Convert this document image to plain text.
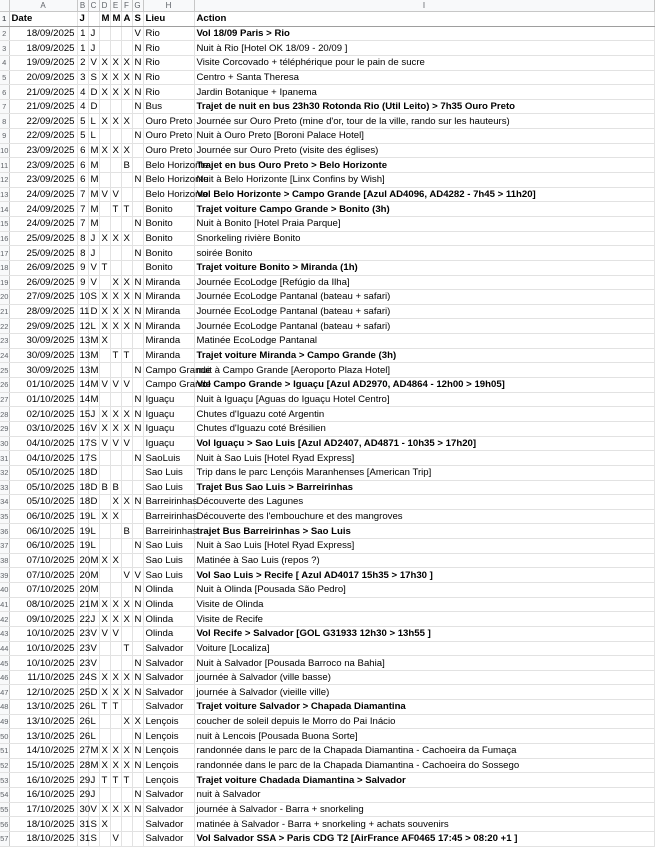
	A	B	C	D	E	F	G	H	I
1	Date	J		M	M	A	S	Lieu	Action
2	18/09/2025	1	J				V	Rio	Vol 18/09 Paris > Rio
3	18/09/2025	1	J				N	Rio	Nuit à Rio [Hotel OK 18/09 - 20/09 ]
4	19/09/2025	2	V	X	X	X	N	Rio	Visite Corcovado + téléphérique pour le pain de sucre
5	20/09/2025	3	S	X	X	X	N	Rio	Centro + Santa Theresa
6	21/09/2025	4	D	X	X	X	N	Rio	Jardin Botanique + Ipanema
7	21/09/2025	4	D				N	Bus	Trajet de nuit en bus 23h30 Rotonda Rio (Util Leito) > 7h35 Ouro Preto
8	22/09/2025	5	L	X	X	X		Ouro Preto	Journée sur Ouro Preto (mine d'or, tour de la ville, rando sur les hauteurs)
9	22/09/2025	5	L				N	Ouro Preto	Nuit à Ouro Preto [Boroni Palace Hotel]
10	23/09/2025	6	M	X	X	X		Ouro Preto	Journée sur Ouro Preto (visite des églises)
11	23/09/2025	6	M			B		Belo Horizonte	Trajet en bus Ouro Preto > Belo Horizonte
12	23/09/2025	6	M				N	Belo Horizonte	Nuit à Belo Horizonte [Linx Confins by Wish]
13	24/09/2025	7	M	V	V			Belo Horizonte	Vol Belo Horizonte > Campo Grande [Azul AD4096, AD4282 - 7h45 > 11h20]
14	24/09/2025	7	M		T	T		Bonito	Trajet voiture Campo Grande > Bonito (3h)
15	24/09/2025	7	M				N	Bonito	Nuit à Bonito [Hotel Praia Parque]
16	25/09/2025	8	J	X	X	X		Bonito	Snorkeling rivière Bonito
17	25/09/2025	8	J				N	Bonito	soirée Bonito
18	26/09/2025	9	V	T				Bonito	Trajet voiture Bonito > Miranda (1h)
19	26/09/2025	9	V		X	X	N	Miranda	Journée EcoLodge [Refúgio da Ilha]
20	27/09/2025	10	S	X	X	X	N	Miranda	Journée EcoLodge Pantanal (bateau + safari)
21	28/09/2025	11	D	X	X	X	N	Miranda	Journée EcoLodge Pantanal (bateau + safari)
22	29/09/2025	12	L	X	X	X	N	Miranda	Journée EcoLodge Pantanal (bateau + safari)
23	30/09/2025	13	M	X				Miranda	Matinée EcoLodge Pantanal
24	30/09/2025	13	M		T	T		Miranda	Trajet voiture Miranda > Campo Grande (3h)
25	30/09/2025	13	M				N	Campo Grande	nuit à Campo Grande [Aeroporto Plaza Hotel]
26	01/10/2025	14	M	V	V	V		Campo Grande	Vol Campo Grande > Iguaçu [Azul AD2970, AD4864 - 12h00 > 19h05]
27	01/10/2025	14	M				N	Iguaçu	Nuit à Iguaçu [Aguas do Iguaçu Hotel Centro]
28	02/10/2025	15	J	X	X	X	N	Iguaçu	Chutes d'Iguazu coté Argentin
29	03/10/2025	16	V	X	X	X	N	Iguaçu	Chutes d'Iguazu coté Brésilien
30	04/10/2025	17	S	V	V	V		Iguaçu	Vol Iguaçu > Sao Luis [Azul AD2407, AD4871 - 10h35 > 17h20]
31	04/10/2025	17	S				N	SaoLuis	Nuit à Sao Luis [Hotel Ryad Express]
32	05/10/2025	18	D					Sao Luis	Trip dans le parc Lençóis Maranhenses [American Trip]
33	05/10/2025	18	D	B	B			Sao Luis	Trajet Bus Sao Luis > Barreirinhas
34	05/10/2025	18	D		X	X	N	Barreirinhas	Découverte des Lagunes
35	06/10/2025	19	L	X	X			Barreirinhas	Découverte des l'embouchure et des mangroves
36	06/10/2025	19	L			B		Barreirinhas	trajet Bus Barreirinhas > Sao Luis
37	06/10/2025	19	L				N	Sao Luis	Nuit à Sao Luis [Hotel Ryad Express]
38	07/10/2025	20	M	X	X			Sao Luis	Matinée à Sao Luis (repos ?)
39	07/10/2025	20	M			V	V	Sao Luis	Vol Sao Luis > Recife [ Azul AD4017 15h35 > 17h30 ]
40	07/10/2025	20	M				N	Olinda	Nuit à Olinda [Pousada São Pedro]
41	08/10/2025	21	M	X	X	X	N	Olinda	Visite de Olinda
42	09/10/2025	22	J	X	X	X	N	Olinda	Visite de Recife
43	10/10/2025	23	V	V	V			Olinda	Vol Recife > Salvador [GOL G31933 12h30 > 13h55 ]
44	10/10/2025	23	V			T		Salvador	Voiture [Localiza]
45	10/10/2025	23	V				N	Salvador	Nuit à Salvador [Pousada Barroco na Bahia]
46	11/10/2025	24	S	X	X	X	N	Salvador	journée à Salvador (ville basse)
47	12/10/2025	25	D	X	X	X	N	Salvador	journée à Salvador (vieille ville)
48	13/10/2025	26	L	T	T			Salvador	Trajet voiture Salvador > Chapada Diamantina
49	13/10/2025	26	L			X	X	Lençois	coucher de soleil depuis le Morro do Pai Inácio
50	13/10/2025	26	L				N	Lençois	nuit à Lencois [Pousada Buona Sorte]
51	14/10/2025	27	M	X	X	X	N	Lençois	randonnée dans le parc de la Chapada Diamantina - Cachoeira da Fumaça
52	15/10/2025	28	M	X	X	X	N	Lençois	randonnée dans le parc de la Chapada Diamantina - Cachoeira do Sossego
53	16/10/2025	29	J	T	T	T		Lençois	Trajet voiture Chadada Diamantina > Salvador
54	16/10/2025	29	J				N	Salvador	nuit à Salvador
55	17/10/2025	30	V	X	X	X	N	Salvador	journée à Salvador - Barra + snorkeling
56	18/10/2025	31	S	X				Salvador	matinée à Salvador - Barra + snorkeling + achats souvenirs
57	18/10/2025	31	S		V			Salvador	Vol Salvador SSA > Paris CDG T2 [AirFrance AF0465 17:45 > 08:20 +1 ]
